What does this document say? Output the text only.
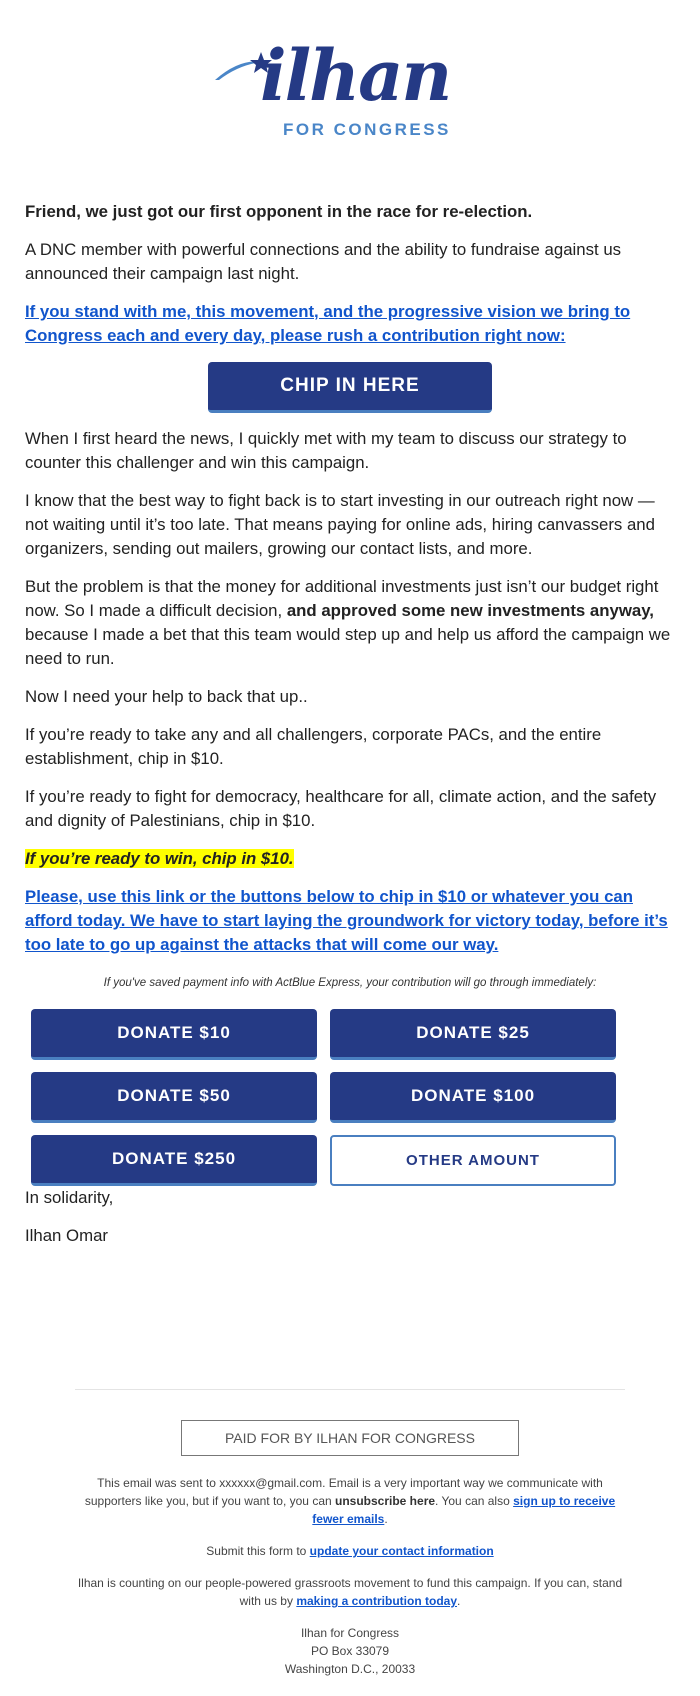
ilhan
FOR CONGRESS

Friend, we just got our first opponent in the race for re-election.

A DNC member with powerful connections and the ability to fundraise against us announced their campaign last night.

If you stand with me, this movement, and the progressive vision we bring to Congress each and every day, please rush a contribution right now:

CHIP IN HERE

When I first heard the news, I quickly met with my team to discuss our strategy to counter this challenger and win this campaign.

I know that the best way to fight back is to start investing in our outreach right now — not waiting until it’s too late. That means paying for online ads, hiring canvassers and organizers, sending out mailers, growing our contact lists, and more.

But the problem is that the money for additional investments just isn’t our budget right now. So I made a difficult decision, and approved some new investments anyway, because I made a bet that this team would step up and help us afford the campaign we need to run.

Now I need your help to back that up..

If you’re ready to take any and all challengers, corporate PACs, and the entire establishment, chip in $10.

If you’re ready to fight for democracy, healthcare for all, climate action, and the safety and dignity of Palestinians, chip in $10.

If you’re ready to win, chip in $10.

Please, use this link or the buttons below to chip in $10 or whatever you can afford today. We have to start laying the groundwork for victory today, before it’s too late to go up against the attacks that will come our way.

If you've saved payment info with ActBlue Express, your contribution will go through immediately:
DONATE $10	DONATE $25
DONATE $50	DONATE $100
DONATE $250	OTHER AMOUNT

In solidarity,

Ilhan Omar

PAID FOR BY ILHAN FOR CONGRESS

This email was sent to xxxxxx@gmail.com. Email is a very important way we communicate with supporters like you, but if you want to, you can unsubscribe here. You can also sign up to receive fewer emails.

Submit this form to update your contact information

Ilhan is counting on our people-powered grassroots movement to fund this campaign. If you can, stand with us by making a contribution today.

Ilhan for Congress
PO Box 33079
Washington D.C., 20033
